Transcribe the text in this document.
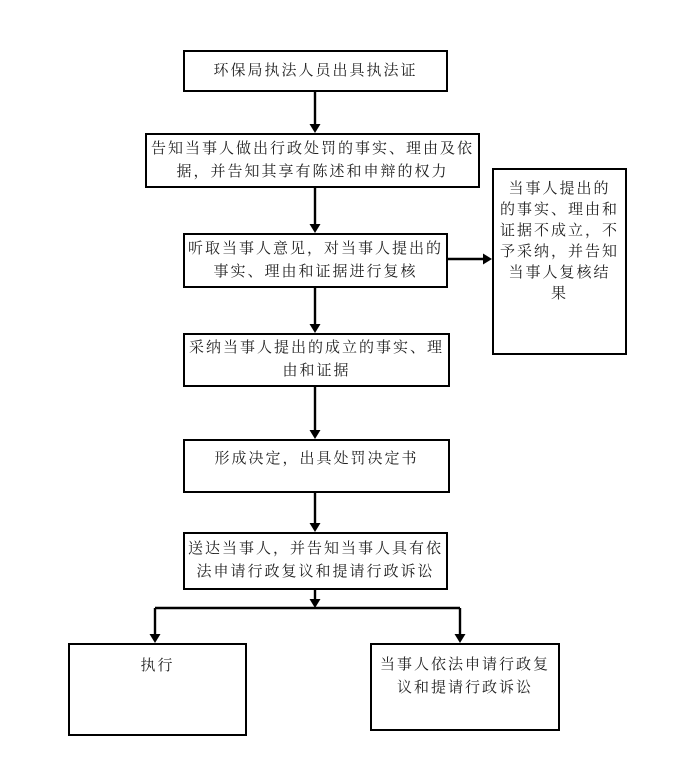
环保局执法人员出具执法证
告知当事人做出行政处罚的事实、理由及依
据，并告知其享有陈述和申辩的权力
听取当事人意见，对当事人提出的
事实、理由和证据进行复核
当事人提出的
的事实、理由和
证据不成立，不
予采纳，并告知
当事人复核结
果
采纳当事人提出的成立的事实、理
由和证据
形成决定，出具处罚决定书
送达当事人，并告知当事人具有依
法申请行政复议和提请行政诉讼
执行	当事人依法申请行政复
议和提请行政诉讼
